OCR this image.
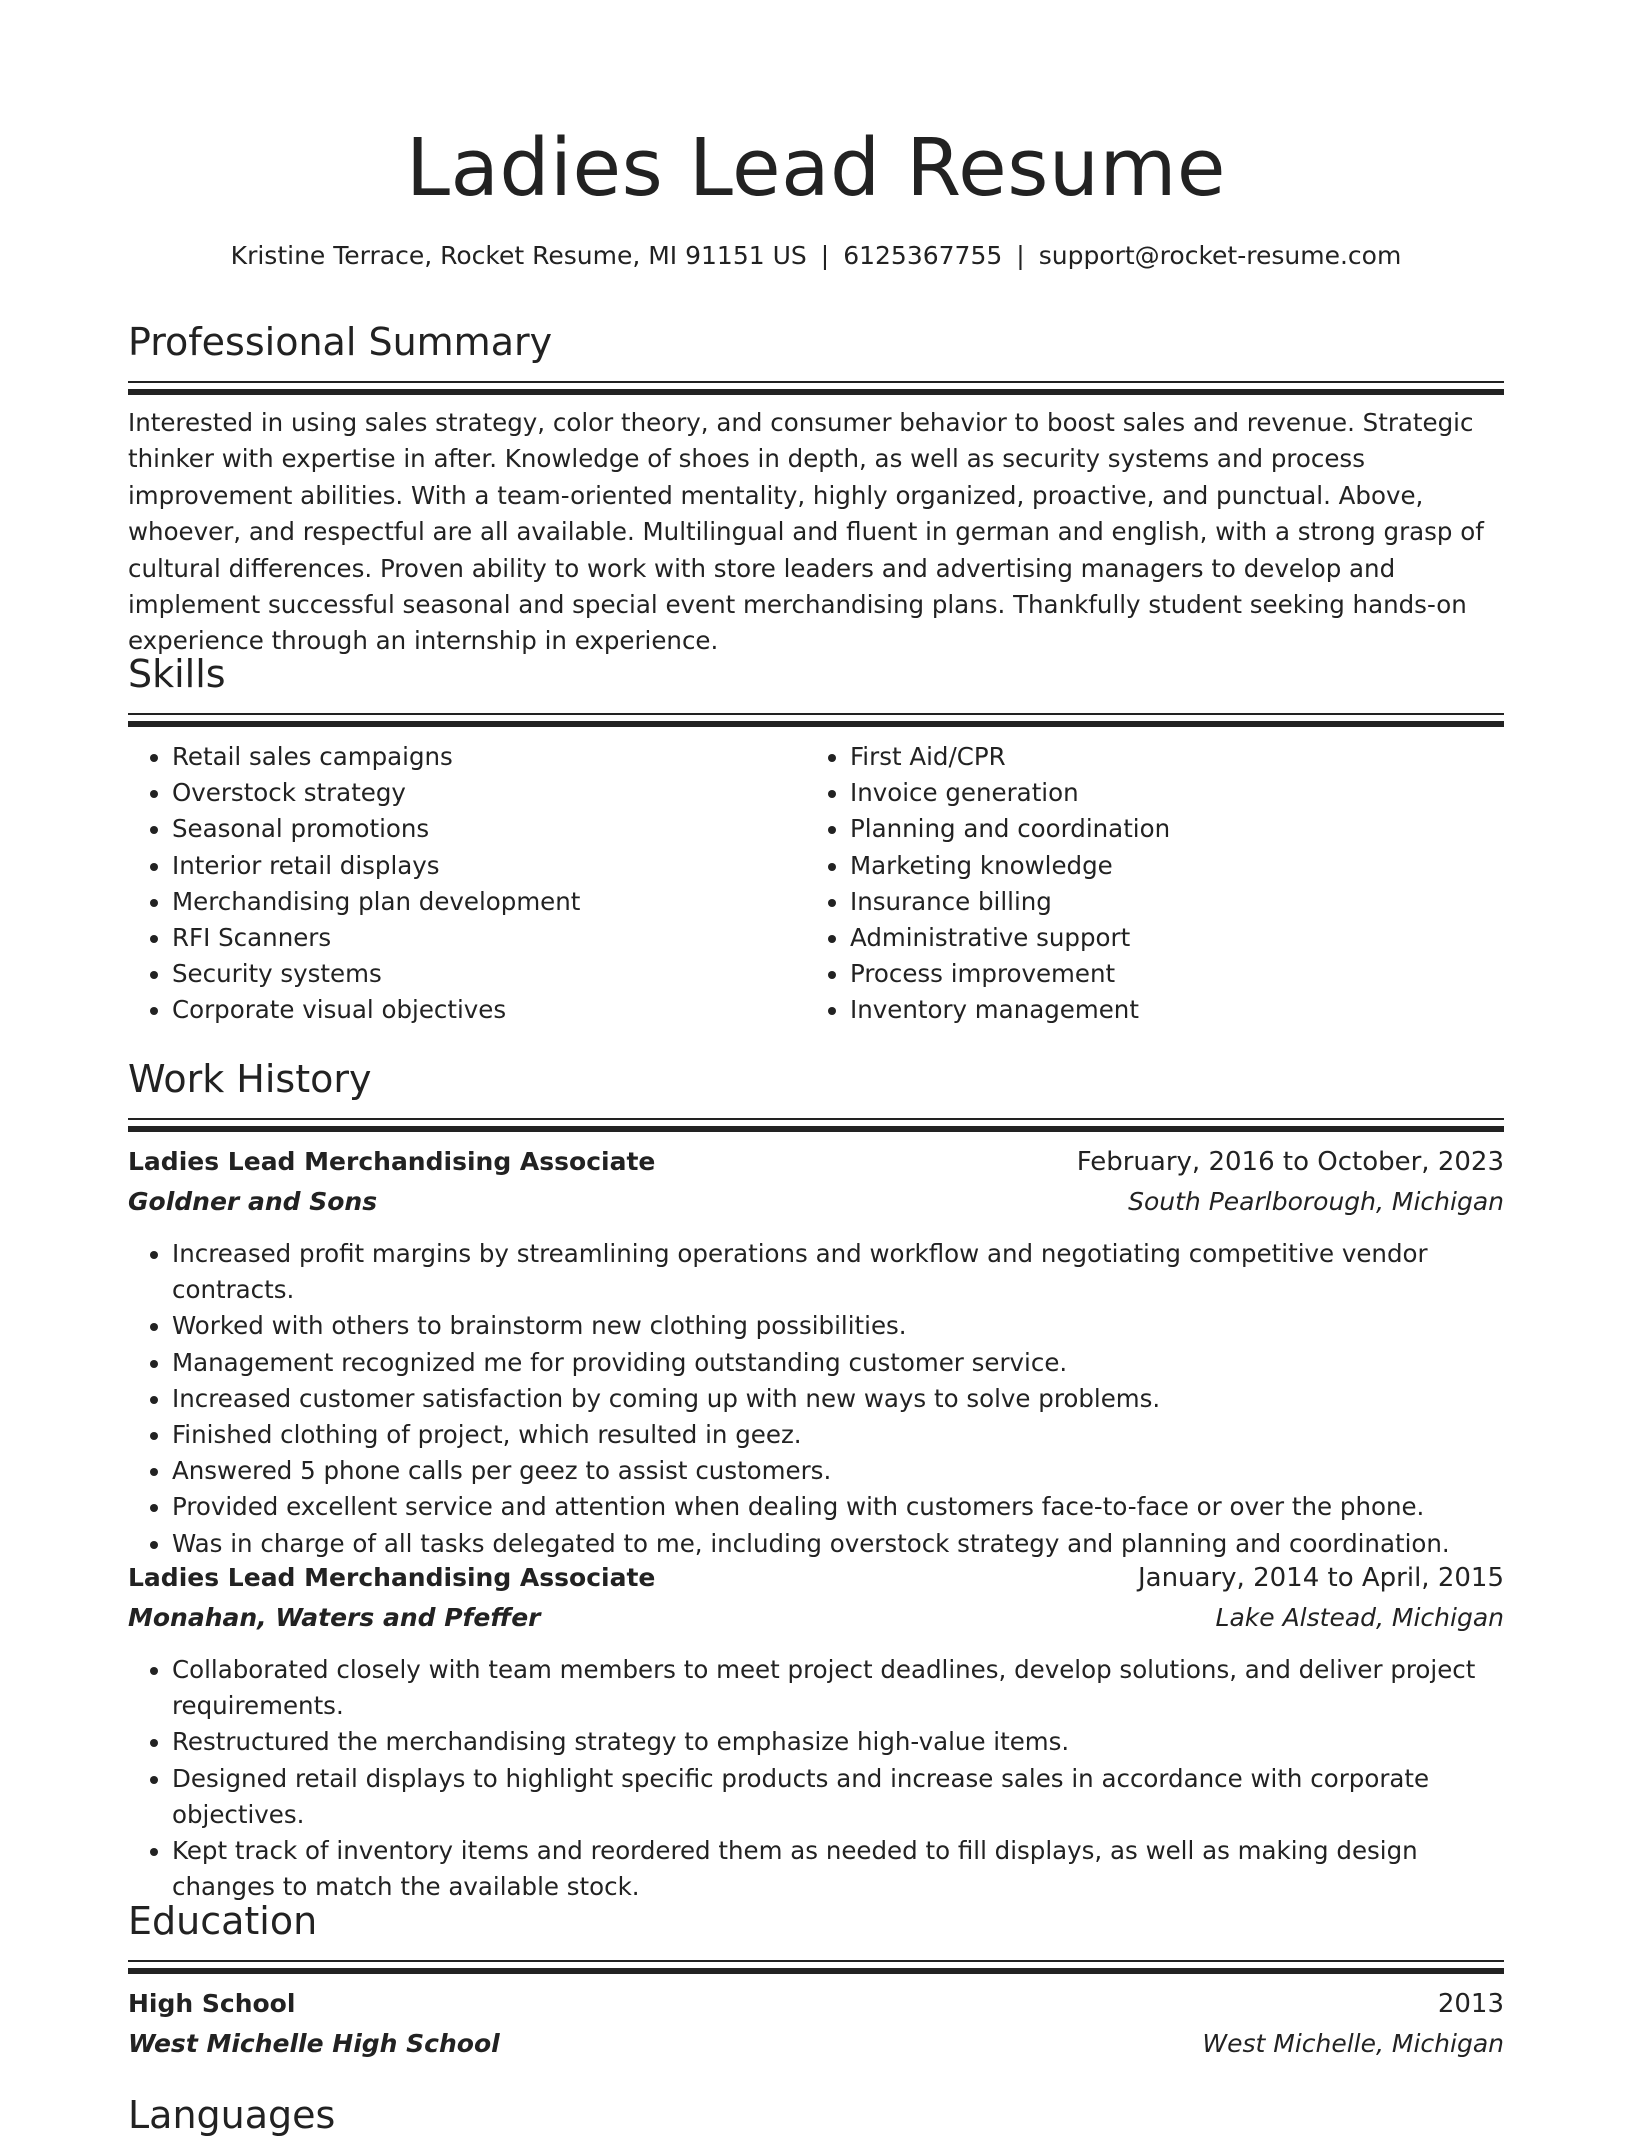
Ladies Lead Resume
Kristine Terrace, Rocket Resume, MI 91151 US | 6125367755 | support@rocket-resume.com
Professional Summary

Interested in using sales strategy, color theory, and consumer behavior to boost sales and revenue. Strategic thinker with expertise in after. Knowledge of shoes in depth, as well as security systems and process improvement abilities. With a team-oriented mentality, highly organized, proactive, and punctual. Above, whoever, and respectful are all available. Multilingual and fluent in german and english, with a strong grasp of cultural differences. Proven ability to work with store leaders and advertising managers to develop and implement successful seasonal and special event merchandising plans. Thankfully student seeking hands-on experience through an internship in experience.

Skills
• Retail sales campaigns
• Overstock strategy
• Seasonal promotions
• Interior retail displays
• Merchandising plan development
• RFI Scanners
• Security systems
• Corporate visual objectives
• First Aid/CPR
• Invoice generation
• Planning and coordination
• Marketing knowledge
• Insurance billing
• Administrative support
• Process improvement
• Inventory management
Work History
Ladies Lead Merchandising Associate	February, 2016 to October, 2023
Goldner and Sons	South Pearlborough, Michigan
• Increased profit margins by streamlining operations and workflow and negotiating competitive vendor contracts.
• Worked with others to brainstorm new clothing possibilities.
• Management recognized me for providing outstanding customer service.
• Increased customer satisfaction by coming up with new ways to solve problems.
• Finished clothing of project, which resulted in geez.
• Answered 5 phone calls per geez to assist customers.
• Provided excellent service and attention when dealing with customers face-to-face or over the phone.
• Was in charge of all tasks delegated to me, including overstock strategy and planning and coordination.
Ladies Lead Merchandising Associate	January, 2014 to April, 2015
Monahan, Waters and Pfeffer	Lake Alstead, Michigan
• Collaborated closely with team members to meet project deadlines, develop solutions, and deliver project requirements.
• Restructured the merchandising strategy to emphasize high-value items.
• Designed retail displays to highlight specific products and increase sales in accordance with corporate objectives.
• Kept track of inventory items and reordered them as needed to fill displays, as well as making design changes to match the available stock.
Education
High School	2013
West Michelle High School	West Michelle, Michigan
Languages
